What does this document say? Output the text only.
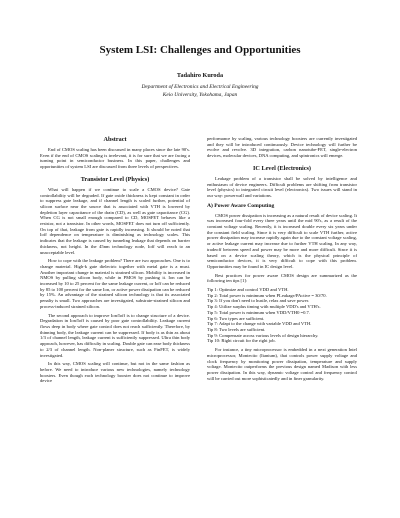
System LSI: Challenges and Opportunities
Tadahiro Kuroda
Department of Electronics and Electrical Engineering
Keio University, Yokohama, Japan
Abstract

End of CMOS scaling has been discussed in many places since the late 90's. Even if the end of CMOS scaling is irrelevant, it is for sure that we are facing a turning point in semiconductor business. In this paper, challenges and opportunities of system LSI are discussed from three levels of perspectives.

Transistor Level (Physics)

What will happen if we continue to scale a CMOS device? Gate controllability will be degraded. If gate oxide thickness is kept constant in order to suppress gate leakage, and if channel length is scaled further, potential of silicon surface near the source that is associated with VTH is lowered by depletion layer capacitance of the drain (CD), as well as gate capacitance (CG). When CG is not small enough compared to CD, MOSFET behaves like a resistor, not a transistor. In other words, MOSFET does not turn off sufficiently. On top of that, leakage from gate is rapidly increasing. It should be noted that Ioff dependence on temperature is diminishing as technology scales. This indicates that the leakage is caused by tunneling leakage that depends on barrier thickness, not height. In the 45nm technology node, Ioff will reach to an unacceptable level.

How to cope with the leakage problem? There are two approaches. One is to change material. High-k gate dielectric together with metal gate is a must. Another important change in material is strained silicon. Mobility is increased in NMOS by pulling silicon body, while in PMOS by pushing it. Ion can be increased by 10 to 25 percent for the same leakage current, or Ioff can be reduced by 85 to 100 percent for the same Ion, or active power dissipation can be reduced by 15%. An advantage of the strained silicon technology is that its associated penalty is small. Two approaches are investigated, substrate-strained silicon and process-induced strained silicon.

The second approach to improve Ion/Ioff is to change structure of a device. Degradation in Ion/Ioff is caused by poor gate controllability. Leakage current flows deep in body where gate control does not reach sufficiently. Therefore, by thinning body, the leakage current can be suppressed. If body is as thin as about 1/3 of channel length, leakage current is sufficiently suppressed. Ultra thin body approach, however, has difficulty in scaling. Double gate can ease body thickness to 2/3 of channel length. Non-planer structure, such as FinFET, is widely investigated.

In this way, CMOS scaling will continue, but not in the same fashion as before. We need to introduce various new technologies, namely technology boosters. Even though each technology booster does not continue to improve device

performance by scaling, various technology boosters are currently investigated and they will be introduced continuously. Device technology will further be evolve and revolve. 3D integration, carbon nanotube-FET, single-electron devices, molecular devices, DNA computing, and spintronics will emerge.

IC Level (Electronics)

Leakage problem of a transistor shall be solved by intelligence and enthusiasm of device engineers. Difficult problems are shifting from transistor level (physics) to integrated circuit level (electronics). Two issues will stand in our way: powerwall and variations.

A) Power Aware Computing

CMOS power dissipation is increasing as a natural result of device scaling. It was increased four-fold every three years until the mid 90's, as a result of the constant voltage scaling. Recently, it is increased double every six years under the constant field scaling. Since it is very difficult to scale VTH further, active power dissipation may increase rapidly again due to the constant voltage scaling, or active leakage current may increase due to further VTH scaling. In any way, tradeoff between speed and power may be more and more difficult. Since it is based on a device scaling theory, which is the physical principle of semiconductor devices, it is very difficult to cope with this problem. Opportunities may be found in IC design level.

Best practices for power aware CMOS design are summarized as the following ten tips [1]:

Tip 1: Optimize and control VDD and VTH.
Tip 2: Total power is minimum when PLeakage/PActive = 30/70.
Tip 3: If you don't need to hustle, relax and save power.
Tip 4: Utilize surplus timing with multiple VDD's and VTH's.
Tip 5: Total power is minimum when VDD/VTH0 =0.7.
Tip 6: Two types are sufficient.
Tip 7: Adapt to the change with variable VDD and VTH.
Tip 8: Two levels are sufficient.
Tip 9: Compensate across various levels of design hierarchy.
Tip 10: Right circuit for the right job.

For instance, a tiny microprocessor is embedded in a next generation Intel microprocessor, Montecito (Itanium), that controls power supply voltage and clock frequency by monitoring power dissipation, temperature and supply voltage. Montecito outperforms the previous design named Madison with less power dissipation. In this way, dynamic voltage control and frequency control will be carried out more sophisticatedly and in finer granularity.
